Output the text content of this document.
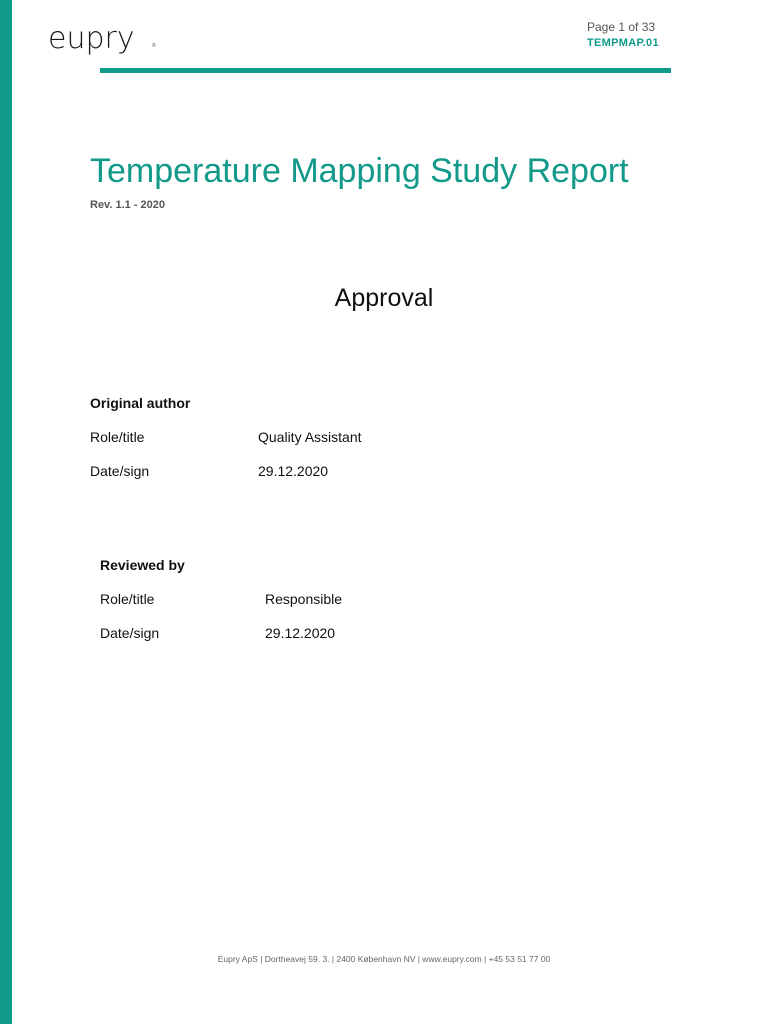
eupry	®
Page 1 of 33
TEMPMAP.01
Temperature Mapping Study Report
Rev. 1.1 - 2020
Approval
Original author
Role/title	Quality Assistant
Date/sign	29.12.2020
Reviewed by
Role/title	Responsible
Date/sign	29.12.2020
Eupry ApS | Dortheavej 59. 3. | 2400 København NV | www.eupry.com | +45 53 51 77 00
